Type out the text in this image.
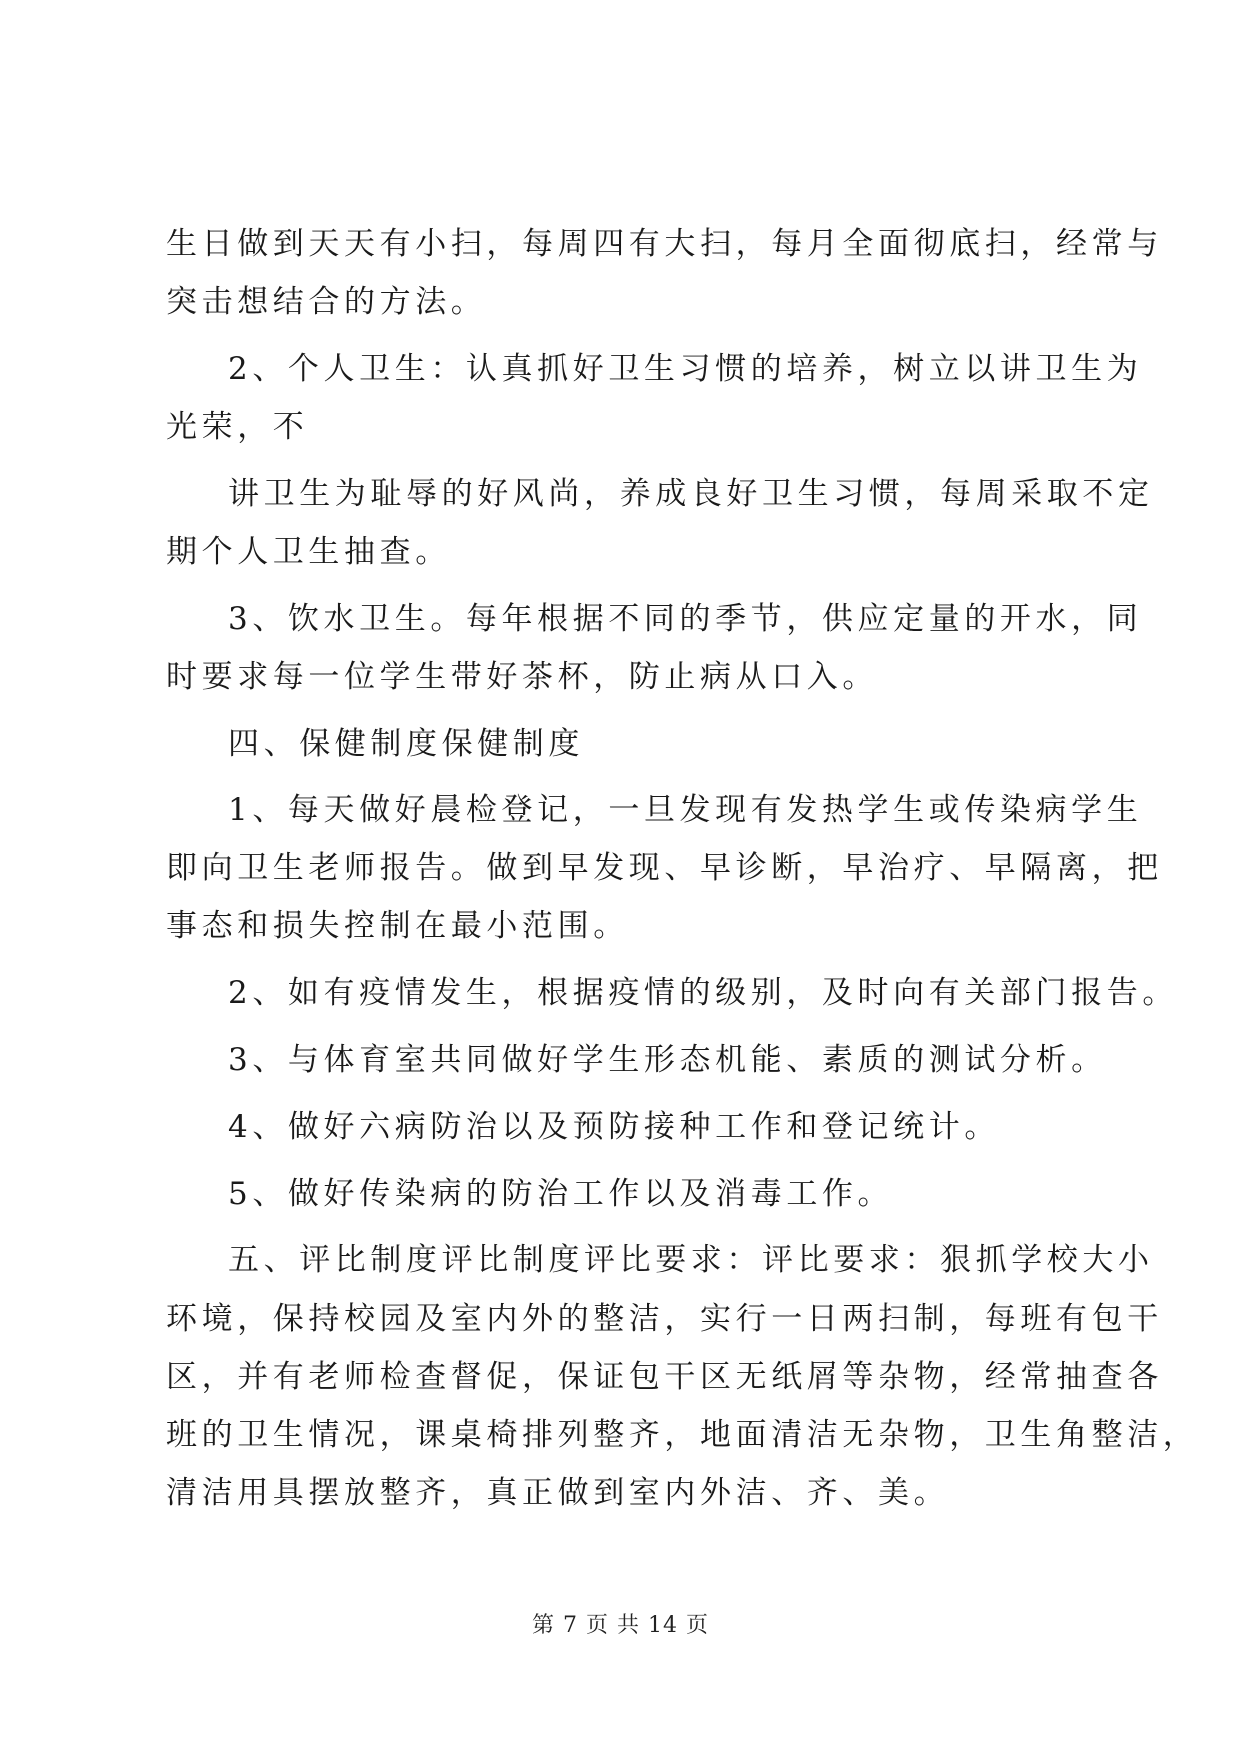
生日做到天天有小扫，每周四有大扫，每月全面彻底扫，经常与
突击想结合的方法。
2、个人卫生：认真抓好卫生习惯的培养，树立以讲卫生为
光荣，不
讲卫生为耻辱的好风尚，养成良好卫生习惯，每周采取不定
期个人卫生抽查。
3、饮水卫生。每年根据不同的季节，供应定量的开水，同
时要求每一位学生带好茶杯，防止病从口入。
四、保健制度保健制度
1、每天做好晨检登记，一旦发现有发热学生或传染病学生
即向卫生老师报告。做到早发现、早诊断，早治疗、早隔离，把
事态和损失控制在最小范围。
2、如有疫情发生，根据疫情的级别，及时向有关部门报告。
3、与体育室共同做好学生形态机能、素质的测试分析。
4、做好六病防治以及预防接种工作和登记统计。
5、做好传染病的防治工作以及消毒工作。
五、评比制度评比制度评比要求：评比要求：狠抓学校大小
环境，保持校园及室内外的整洁，实行一日两扫制，每班有包干
区，并有老师检查督促，保证包干区无纸屑等杂物，经常抽查各
班的卫生情况，课桌椅排列整齐，地面清洁无杂物，卫生角整洁，
清洁用具摆放整齐，真正做到室内外洁、齐、美。
第 7 页 共 14 页
